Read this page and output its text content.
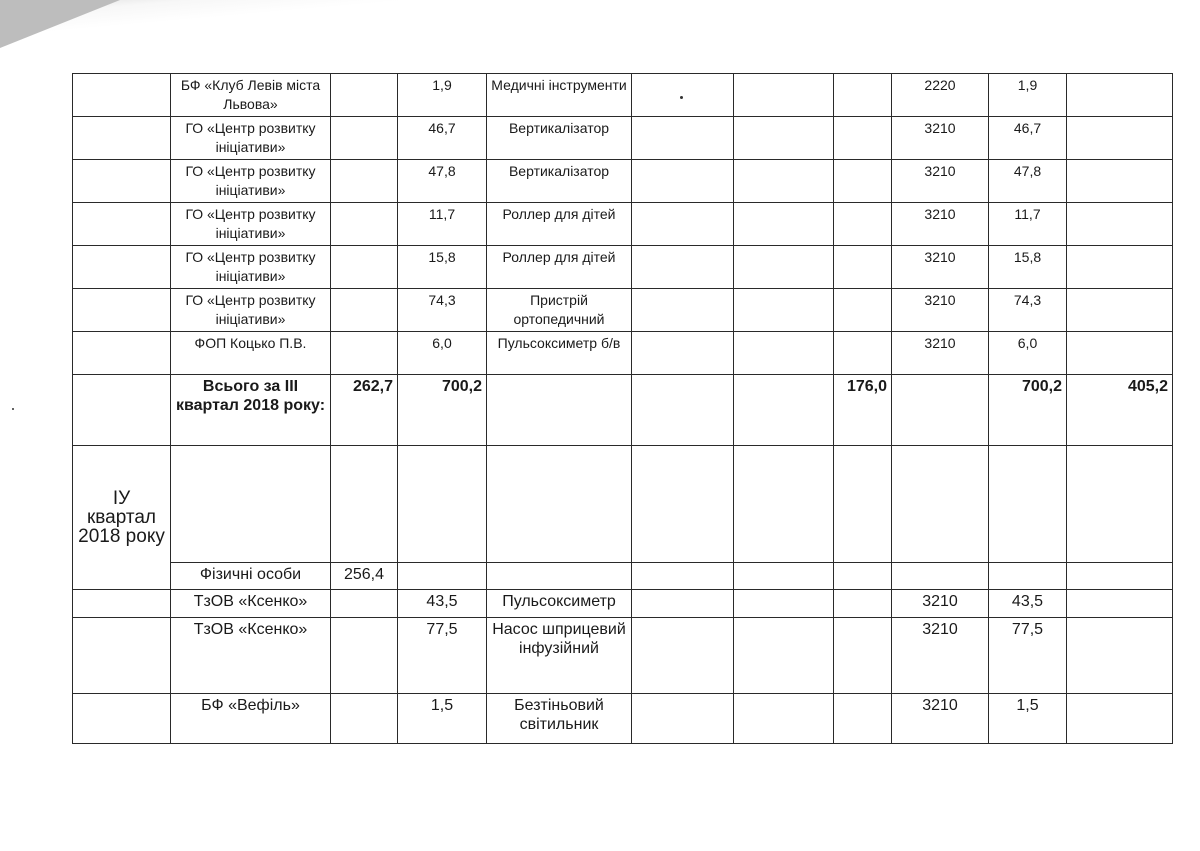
	БФ «Клуб Левів міста Львова»		1,9	Медичні інструменти				2220	1,9	
	ГО «Центр розвитку ініціативи»		46,7	Вертикалізатор				3210	46,7	
	ГО «Центр розвитку ініціативи»		47,8	Вертикалізатор				3210	47,8	
	ГО «Центр розвитку ініціативи»		11,7	Роллер для дітей				3210	11,7	
	ГО «Центр розвитку ініціативи»		15,8	Роллер для дітей				3210	15,8	
	ГО «Центр розвитку ініціативи»		74,3	Пристрій ортопедичний				3210	74,3	
	ФОП Коцько П.В.		6,0	Пульсоксиметр б/в				3210	6,0	
	Всього за ІІІ квартал 2018 року:	262,7	700,2				176,0		700,2	405,2
ІУ квартал 2018 року										
	Фізичні особи	256,4								
	ТзОВ «Ксенко»		43,5	Пульсоксиметр				3210	43,5	
	ТзОВ «Ксенко»		77,5	Насос шприцевий інфузійний				3210	77,5	
	БФ «Вефіль»		1,5	Безтіньовий світильник				3210	1,5	
